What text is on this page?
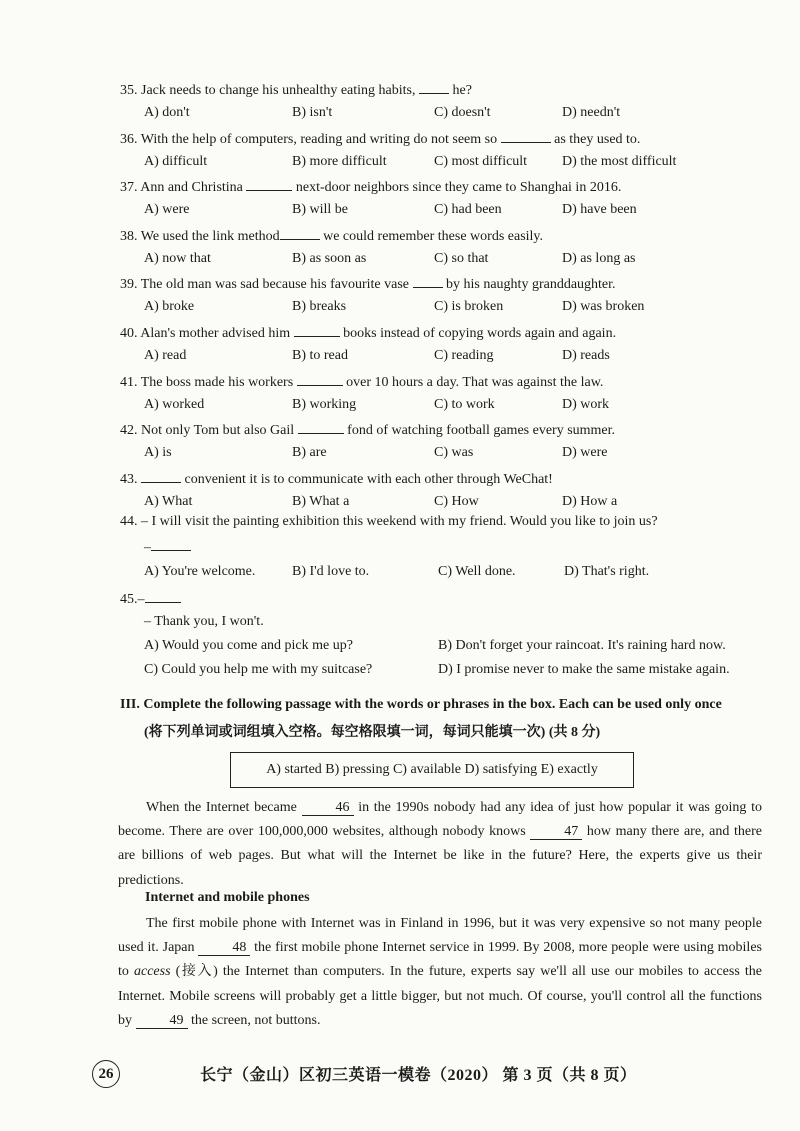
35. Jack needs to change his unhealthy eating habits,  he?
A) don't	B) isn't	C) doesn't	D) needn't
36. With the help of computers, reading and writing do not seem so	as they used to.
A) difficult	B) more difficult	C) most difficult D) the most difficult
37. Ann and Christina	next-door neighbors since they came to Shanghai in 2016.
A) were	B) will be	C) had been	D) have been
38. We used the link method	we could remember these words easily.
A) now that	B) as soon as	C) so that	D) as long as
39. The old man was sad because his favourite vase  by his naughty granddaughter.
A) broke	B) breaks	C) is broken	D) was broken
40. Alan's mother advised him	books instead of copying words again and again.
A) read	B) to read	C) reading	D) reads
41. The boss made his workers	over 10 hours a day. That was against the law.
A) worked	B) working	C) to work	D) work
42. Not only Tom but also Gail	fond of watching football games every summer.
A) is	B) are	C) was	D) were
43.	convenient it is to communicate with each other through WeChat!
A) What	B) What a	C) How	D) How a
44. – I will visit the painting exhibition this weekend with my friend. Would you like to join us?
–
A) You're welcome.	B) I'd love to.	C) Well done.	D) That's right.
45.–
– Thank you, I won't.
A) Would you come and pick me up?	B) Don't forget your raincoat. It's raining hard now.
C) Could you help me with my suitcase?	D) I promise never to make the same mistake again.
III. Complete the following passage with the words or phrases in the box. Each can be used only once
(将下列单词或词组填入空格。每空格限填一词，每词只能填一次) (共 8 分)
A) started B) pressing C) available D) satisfying E) exactly
When the Internet became 46 in the 1990s nobody had any idea of just how popular it was going to become. There are over 100,000,000 websites, although nobody knows 47 how many there are, and there are billions of web pages. But what will the Internet be like in the future? Here, the experts give us their predictions.
Internet and mobile phones
The first mobile phone with Internet was in Finland in 1996, but it was very expensive so not many people used it. Japan 48 the first mobile phone Internet service in 1999. By 2008, more people were using mobiles to access (接入) the Internet than computers. In the future, experts say we'll all use our mobiles to access the Internet. Mobile screens will probably get a little bigger, but not much. Of course, you'll control all the functions by 49 the screen, not buttons.
26	长宁（金山）区初三英语一模卷（2020） 第 3 页（共 8 页）
